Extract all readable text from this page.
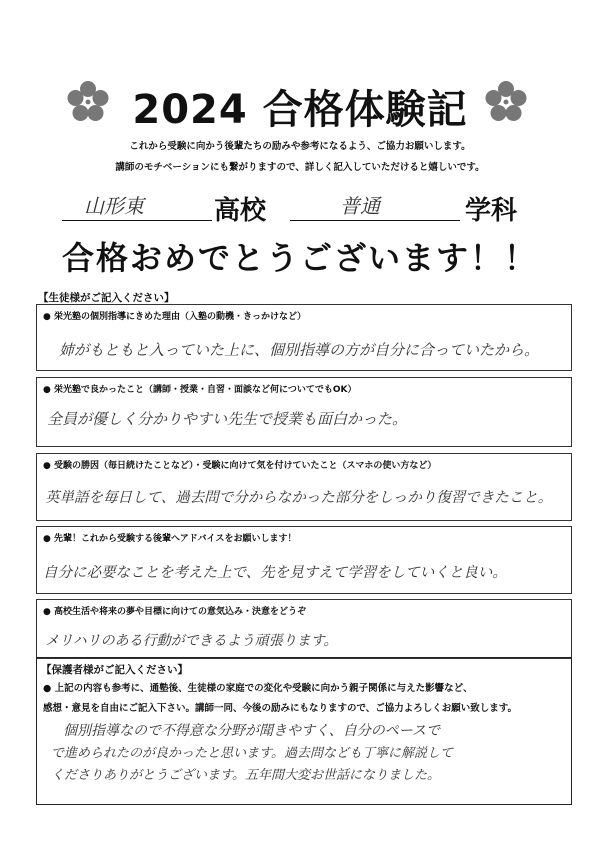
2024 合格体験記
これから受験に向かう後輩たちの励みや参考になるよう、ご協力お願いします。
講師のモチベーションにも繋がりますので、詳しく記入していただけると嬉しいです。
山形東	高校	普通	学科
合格おめでとうございます！！
【生徒様がご記入ください】
● 栄光塾の個別指導にきめた理由（入塾の動機・きっかけなど）
姉がもともと入っていた上に、個別指導の方が自分に合っていたから。
● 栄光塾で良かったこと（講師・授業・自習・面談など何についてでもOK）
全員が優しく分かりやすい先生で授業も面白かった。
● 受験の勝因（毎日続けたことなど）・受験に向けて気を付けていたこと（スマホの使い方など）
英単語を毎日して、過去問で分からなかった部分をしっかり復習できたこと。
● 先輩！これから受験する後輩へアドバイスをお願いします！
自分に必要なことを考えた上で、先を見すえて学習をしていくと良い。
● 高校生活や将来の夢や目標に向けての意気込み・決意をどうぞ
メリハリのある行動ができるよう頑張ります。
【保護者様がご記入ください】
● 上記の内容も参考に、通塾後、生徒様の家庭での変化や受験に向かう親子関係に与えた影響など、
感想・意見を自由にご記入下さい。講師一同、今後の励みにもなりますので、ご協力よろしくお願い致します。
個別指導なので不得意な分野が聞きやすく、自分のペースで
で進められたのが良かったと思います。過去問なども丁寧に解説して
くださりありがとうございます。五年間大変お世話になりました。
